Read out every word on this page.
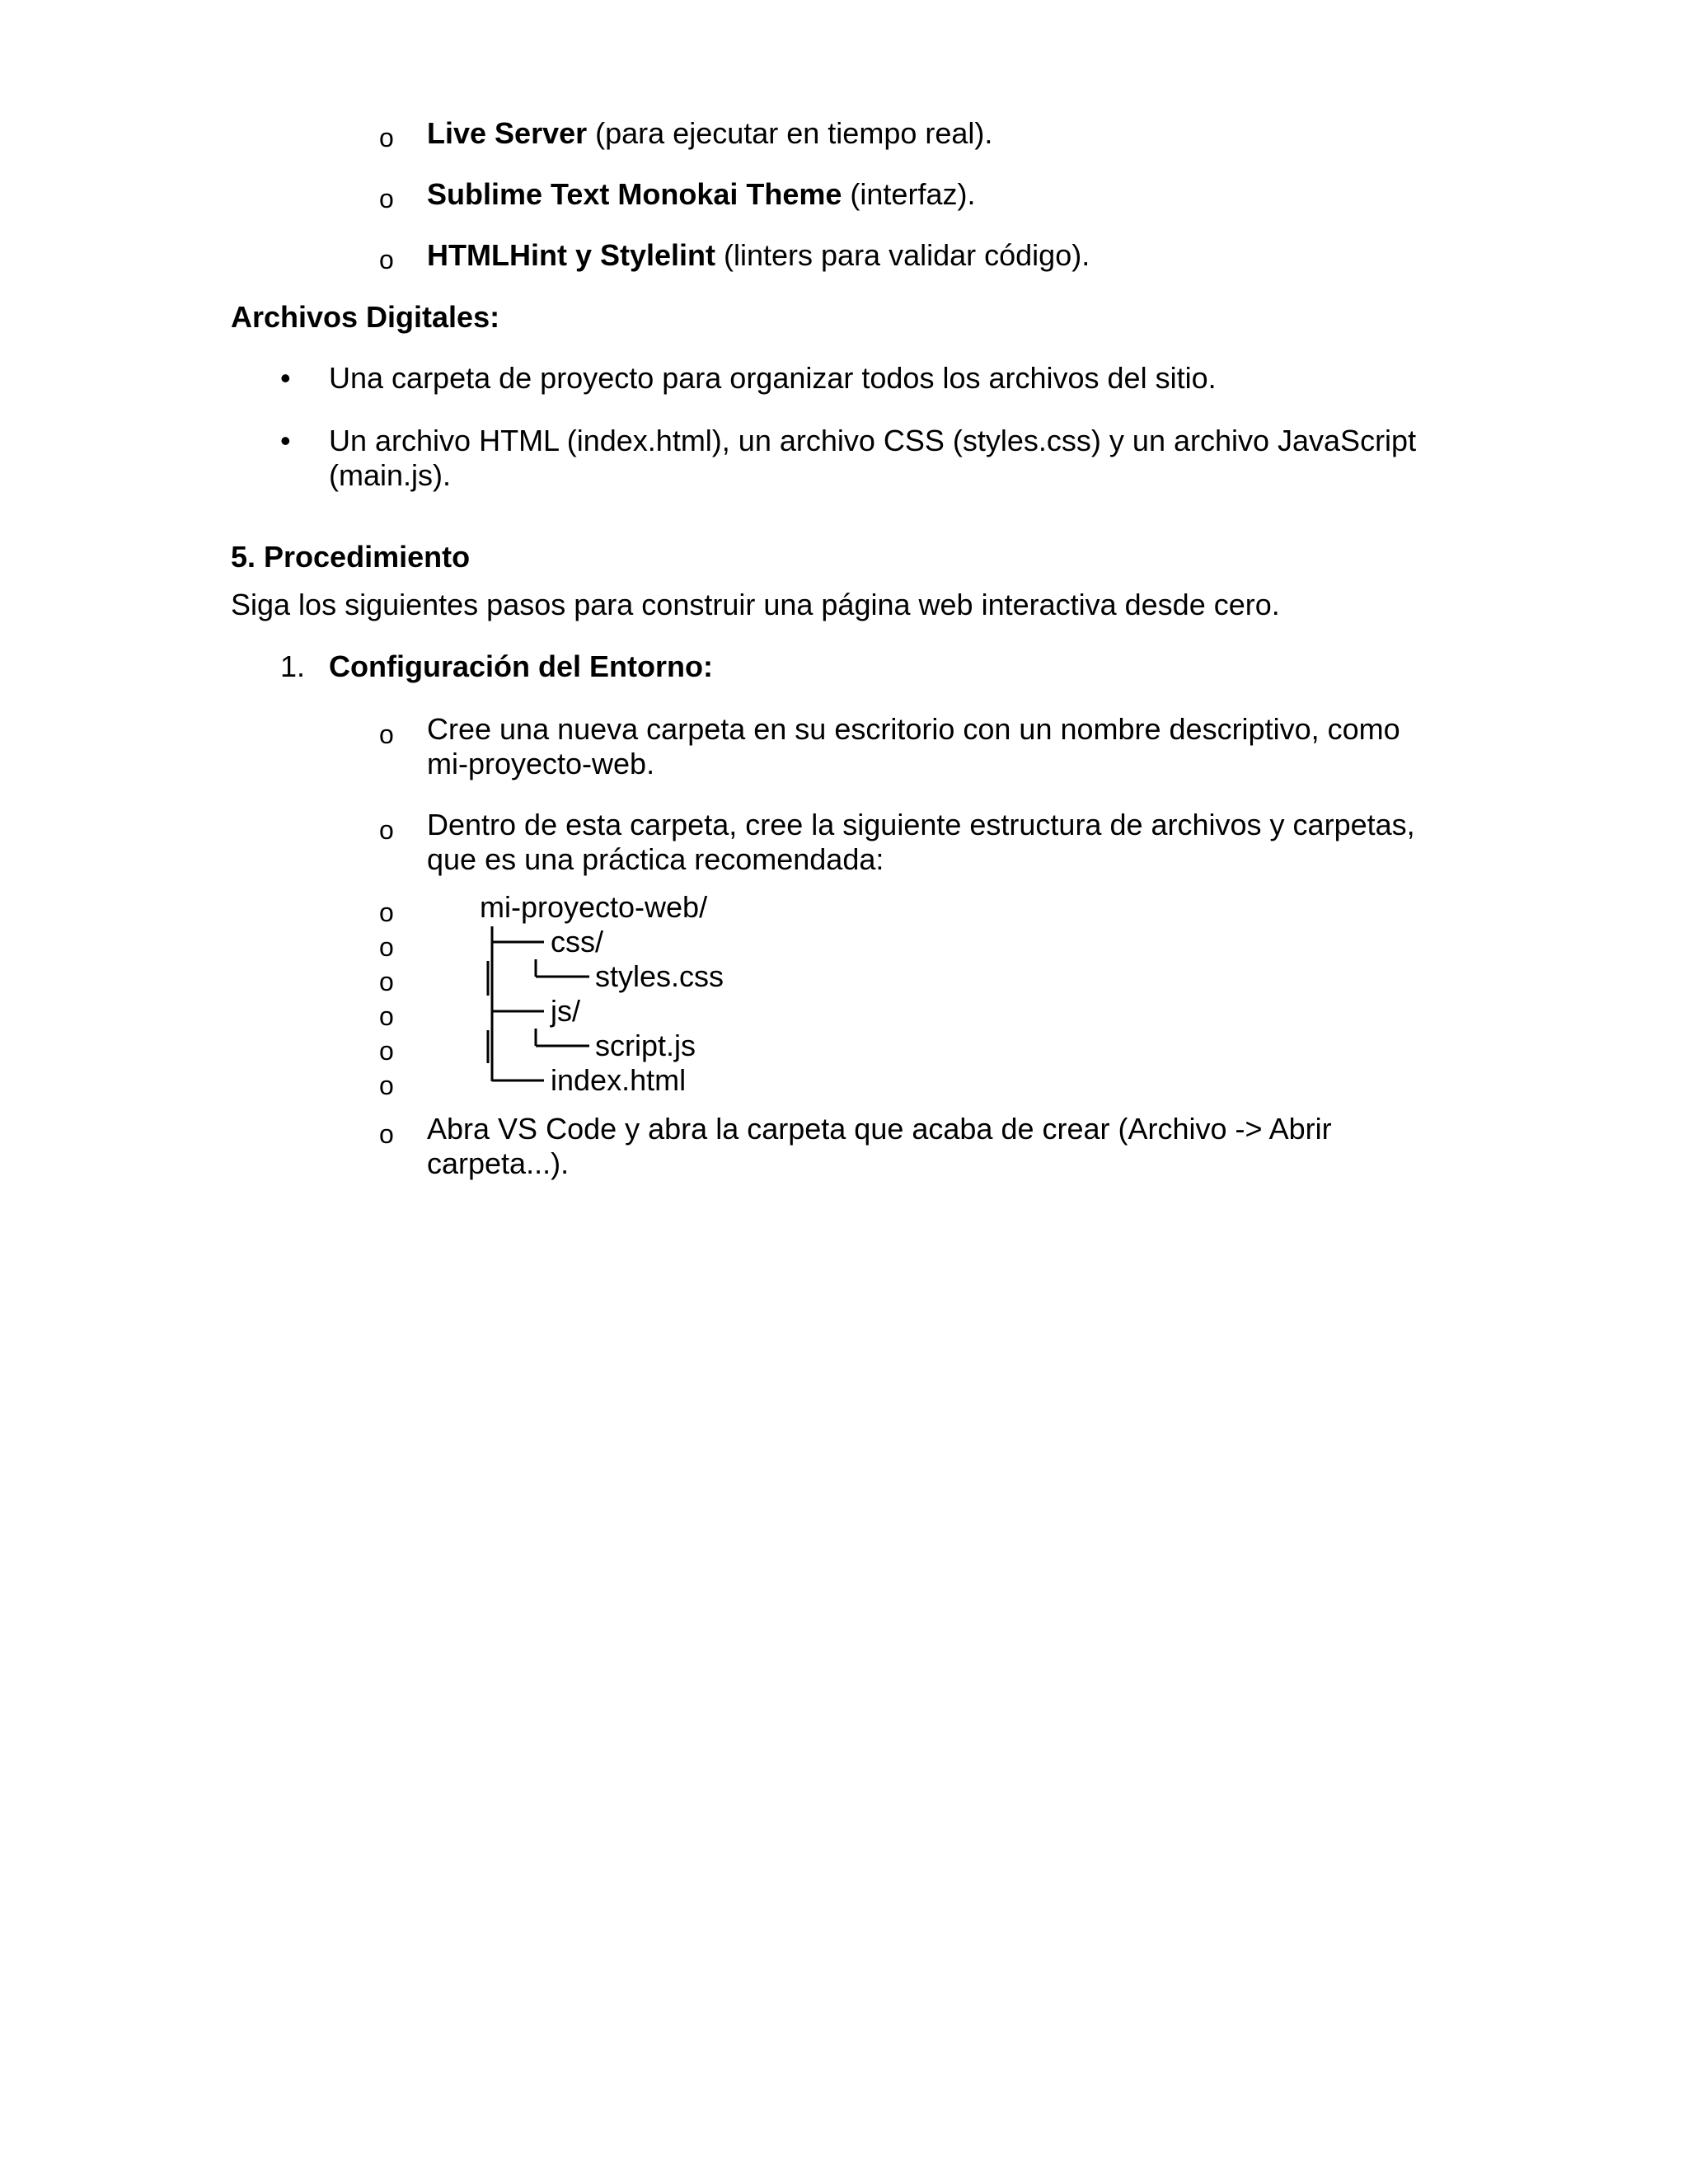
o Live Server (para ejecutar en tiempo real).
o Sublime Text Monokai Theme (interfaz).
o HTMLHint y Stylelint (linters para validar código).
Archivos Digitales:
• Una carpeta de proyecto para organizar todos los archivos del sitio.
• Un archivo HTML (index.html), un archivo CSS (styles.css) y un archivo JavaScript
(main.js).
5. Procedimiento
Siga los siguientes pasos para construir una página web interactiva desde cero.
1. Configuración del Entorno:
o Cree una nueva carpeta en su escritorio con un nombre descriptivo, como
mi-proyecto-web.
o Dentro de esta carpeta, cree la siguiente estructura de archivos y carpetas,
que es una práctica recomendada:
o	mi-proyecto-web/
o	css/
o	styles.css
o	js/
o	script.js
o	index.html
o Abra VS Code y abra la carpeta que acaba de crear (Archivo -> Abrir
carpeta...).
